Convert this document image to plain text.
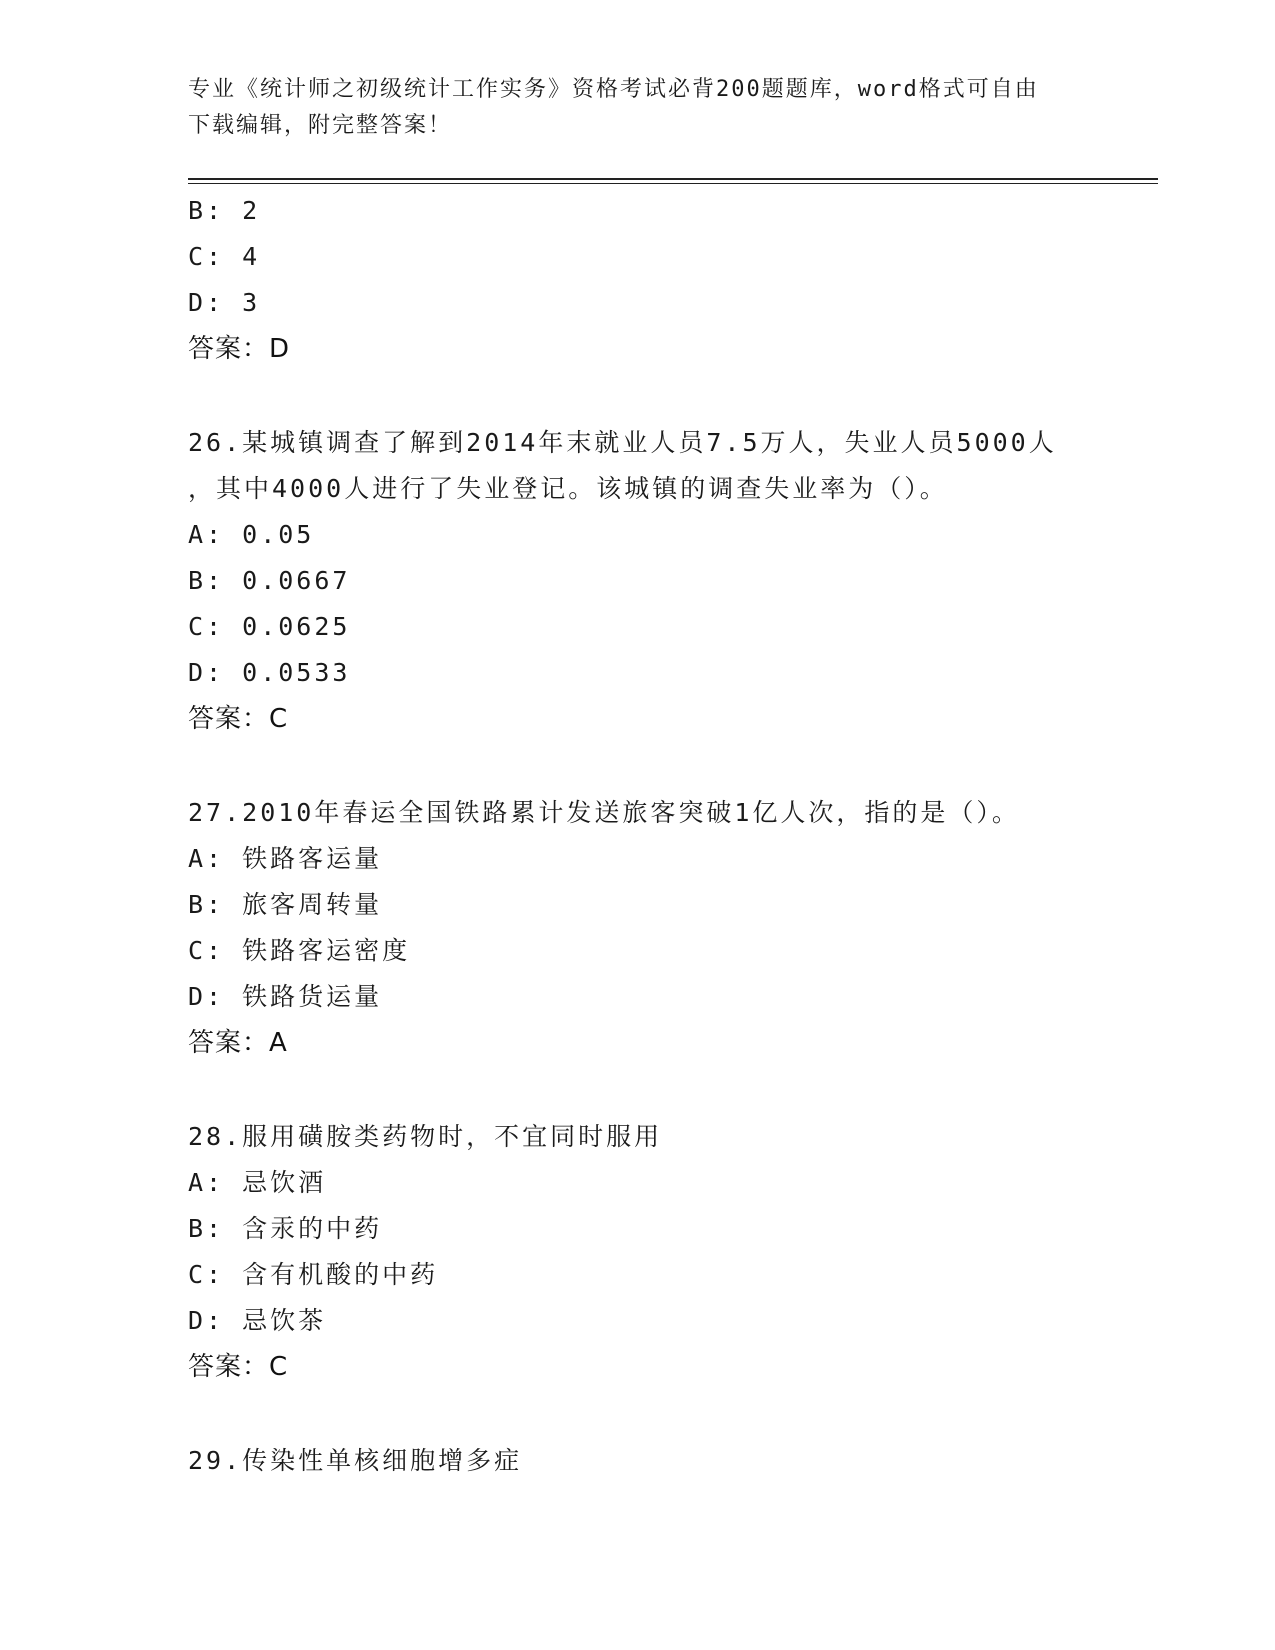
专业《统计师之初级统计工作实务》资格考试必背200题题库，word格式可自由
下载编辑，附完整答案！
B: 2
C: 4
D: 3
答案：D
26.某城镇调查了解到2014年末就业人员7.5万人，失业人员5000人
，其中4000人进行了失业登记。该城镇的调查失业率为（）。
A: 0.05
B: 0.0667
C: 0.0625
D: 0.0533
答案：C
27.2010年春运全国铁路累计发送旅客突破1亿人次，指的是（）。
A: 铁路客运量
B: 旅客周转量
C: 铁路客运密度
D: 铁路货运量
答案：A
28.服用磺胺类药物时，不宜同时服用
A: 忌饮酒
B: 含汞的中药
C: 含有机酸的中药
D: 忌饮茶
答案：C
29.传染性单核细胞增多症
